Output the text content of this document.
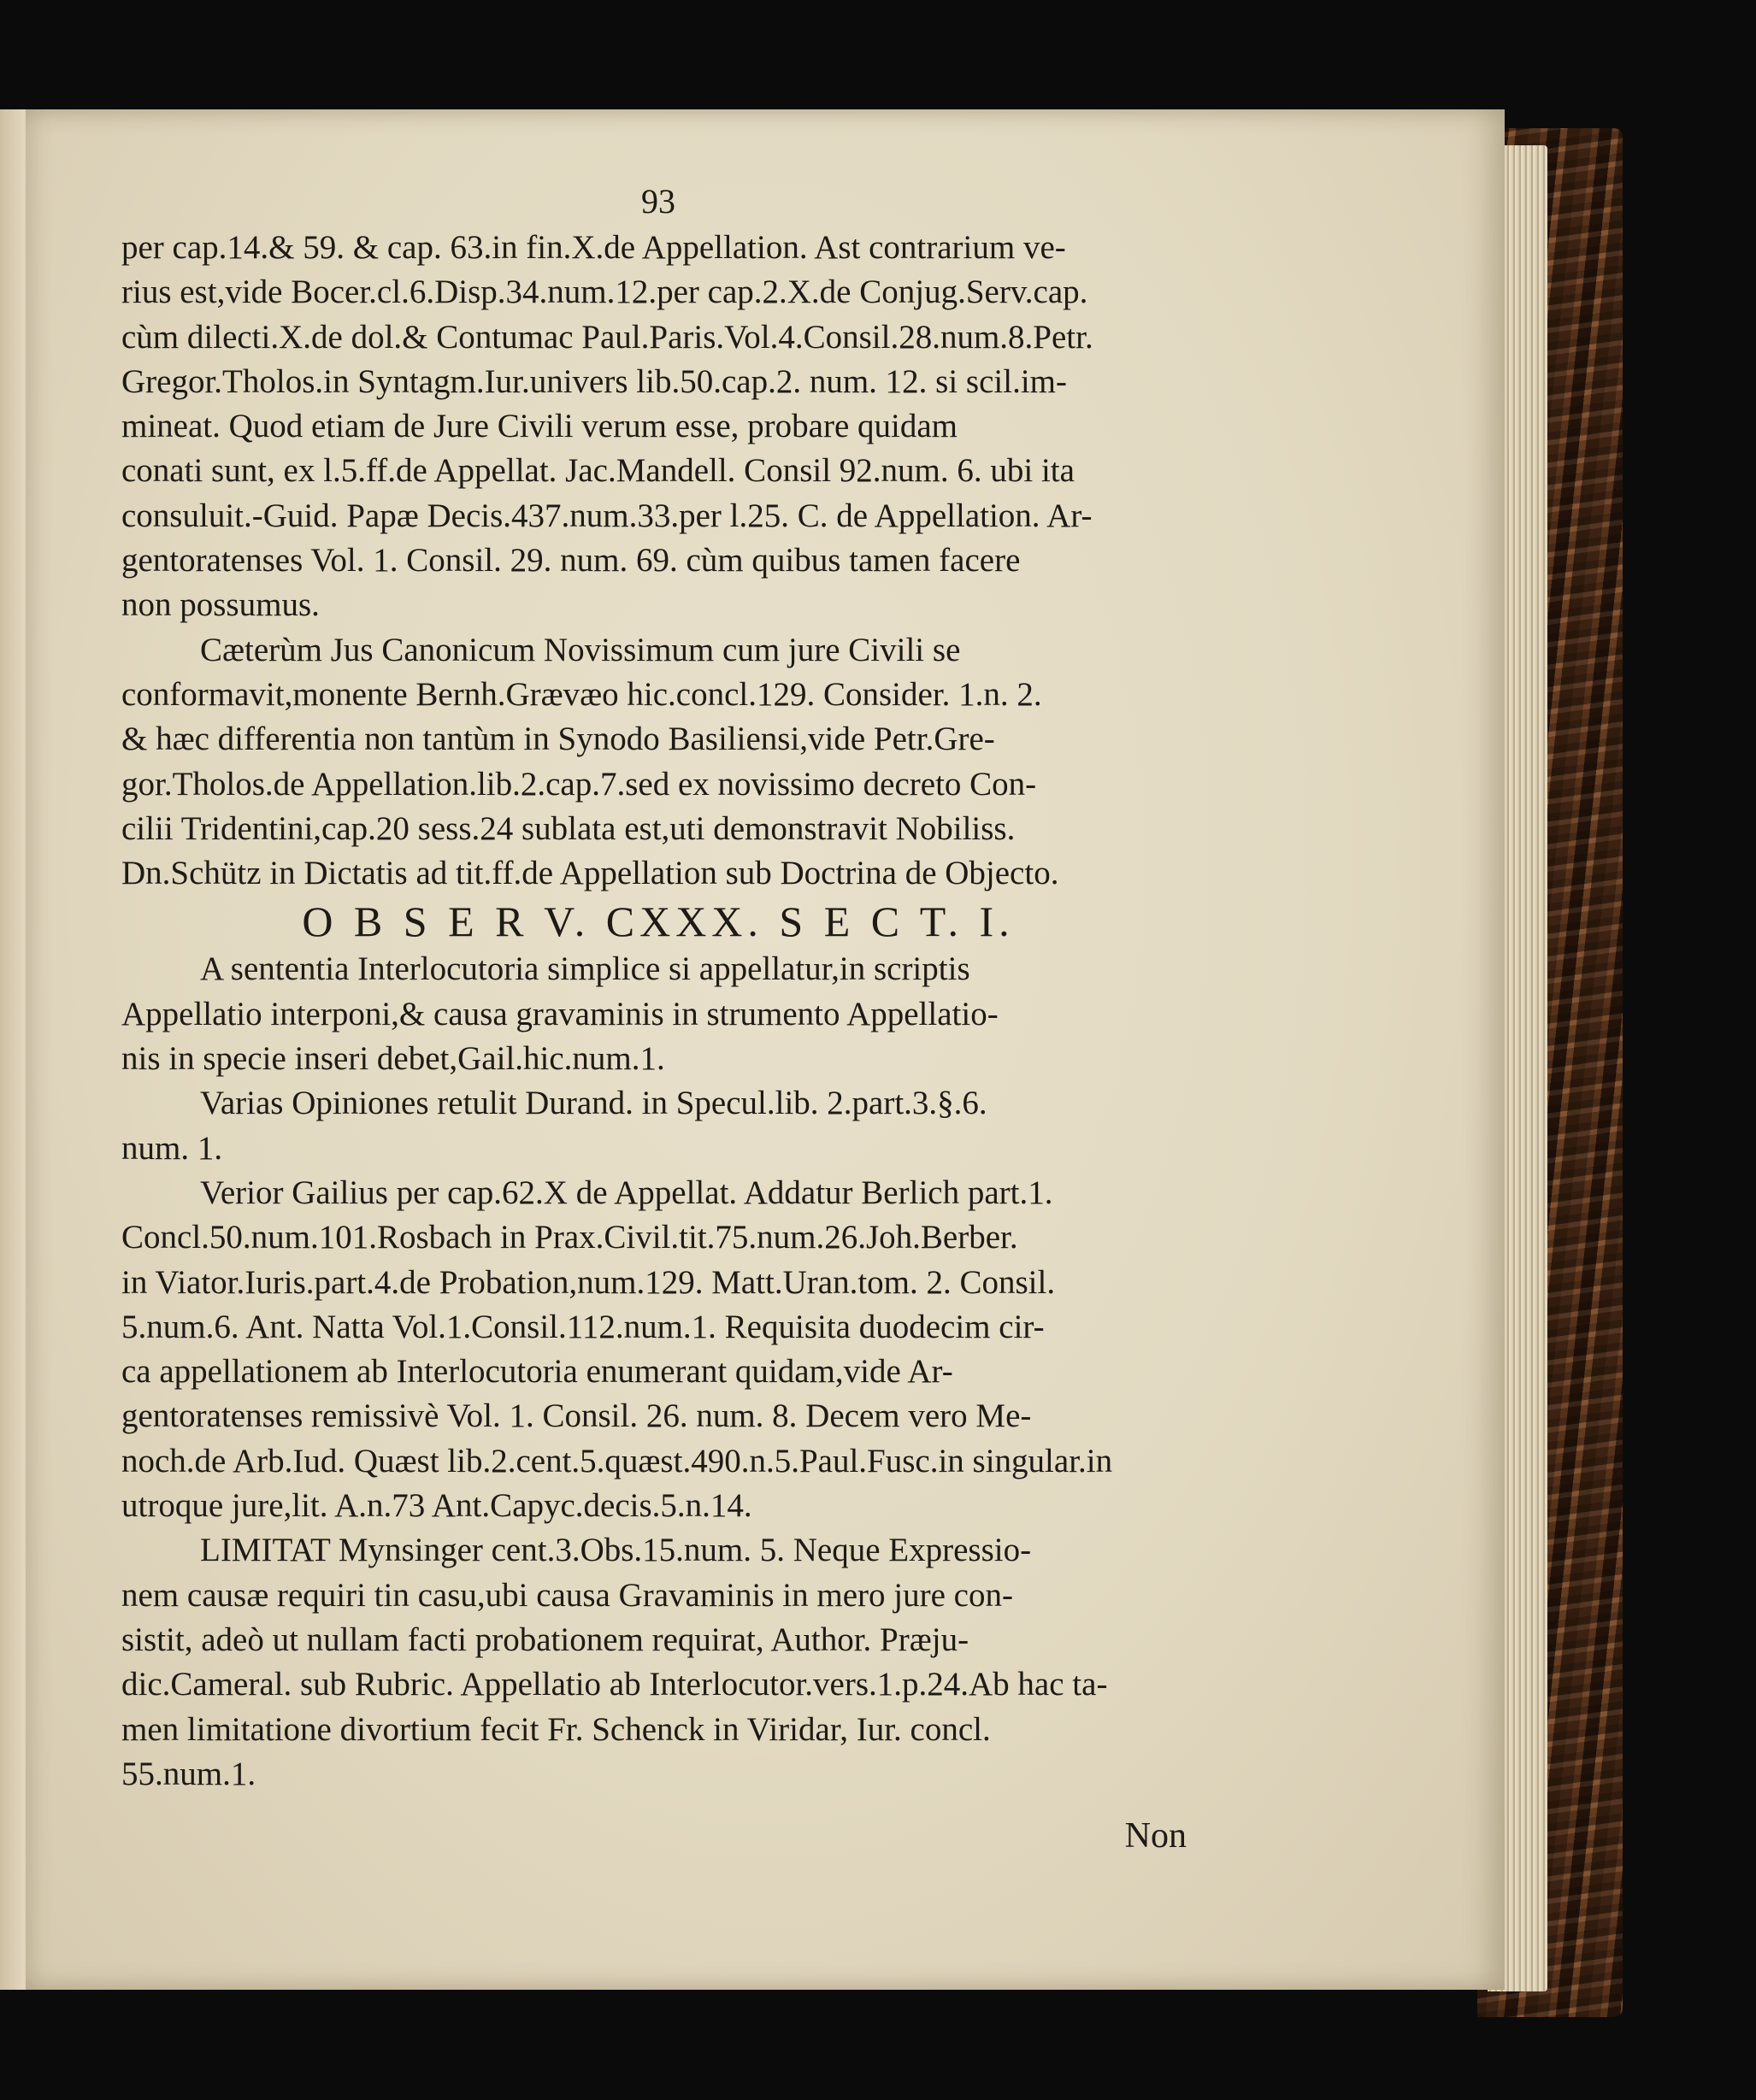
93
per cap.14.& 59. & cap. 63.in fin.X.de Appellation. Ast contrarium ve-
rius est,vide Bocer.cl.6.Disp.34.num.12.per cap.2.X.de Conjug.Serv.cap.
cùm dilecti.X.de dol.& Contumac Paul.Paris.Vol.4.Consil.28.num.8.Petr.
Gregor.Tholos.in Syntagm.Iur.univers lib.50.cap.2. num. 12. si scil.im-
mineat. Quod etiam de Jure Civili verum esse, probare quidam
conati sunt, ex l.5.ff.de Appellat. Jac.Mandell. Consil 92.num. 6. ubi ita
consuluit.-Guid. Papæ Decis.437.num.33.per l.25. C. de Appellation. Ar-
gentoratenses Vol. 1. Consil. 29. num. 69. cùm quibus tamen facere
non possumus.
Cæterùm Jus Canonicum Novissimum cum jure Civili se
conformavit,monente Bernh.Grævæo hic.concl.129. Consider. 1.n. 2.
& hæc differentia non tantùm in Synodo Basiliensi,vide Petr.Gre-
gor.Tholos.de Appellation.lib.2.cap.7.sed ex novissimo decreto Con-
cilii Tridentini,cap.20 sess.24 sublata est,uti demonstravit Nobiliss.
Dn.Schütz in Dictatis ad tit.ff.de Appellation sub Doctrina de Objecto.
O B S E R V. CXXX. S E C T. I.
A sententia Interlocutoria simplice si appellatur,in scriptis
Appellatio interponi,& causa gravaminis in strumento Appellatio-
nis in specie inseri debet,Gail.hic.num.1.
Varias Opiniones retulit Durand. in Specul.lib. 2.part.3.§.6.
num. 1.
Verior Gailius per cap.62.X de Appellat. Addatur Berlich part.1.
Concl.50.num.101.Rosbach in Prax.Civil.tit.75.num.26.Joh.Berber.
in Viator.Iuris.part.4.de Probation,num.129. Matt.Uran.tom. 2. Consil.
5.num.6. Ant. Natta Vol.1.Consil.112.num.1. Requisita duodecim cir-
ca appellationem ab Interlocutoria enumerant quidam,vide Ar-
gentoratenses remissivè Vol. 1. Consil. 26. num. 8. Decem vero Me-
noch.de Arb.Iud. Quæst lib.2.cent.5.quæst.490.n.5.Paul.Fusc.in singular.in
utroque jure,lit. A.n.73 Ant.Capyc.decis.5.n.14.
LIMITAT Mynsinger cent.3.Obs.15.num. 5. Neque Expressio-
nem causæ requiri tin casu,ubi causa Gravaminis in mero jure con-
sistit, adeò ut nullam facti probationem requirat, Author. Præju-
dic.Cameral. sub Rubric. Appellatio ab Interlocutor.vers.1.p.24.Ab hac ta-
men limitatione divortium fecit Fr. Schenck in Viridar, Iur. concl.
55.num.1.
Non
